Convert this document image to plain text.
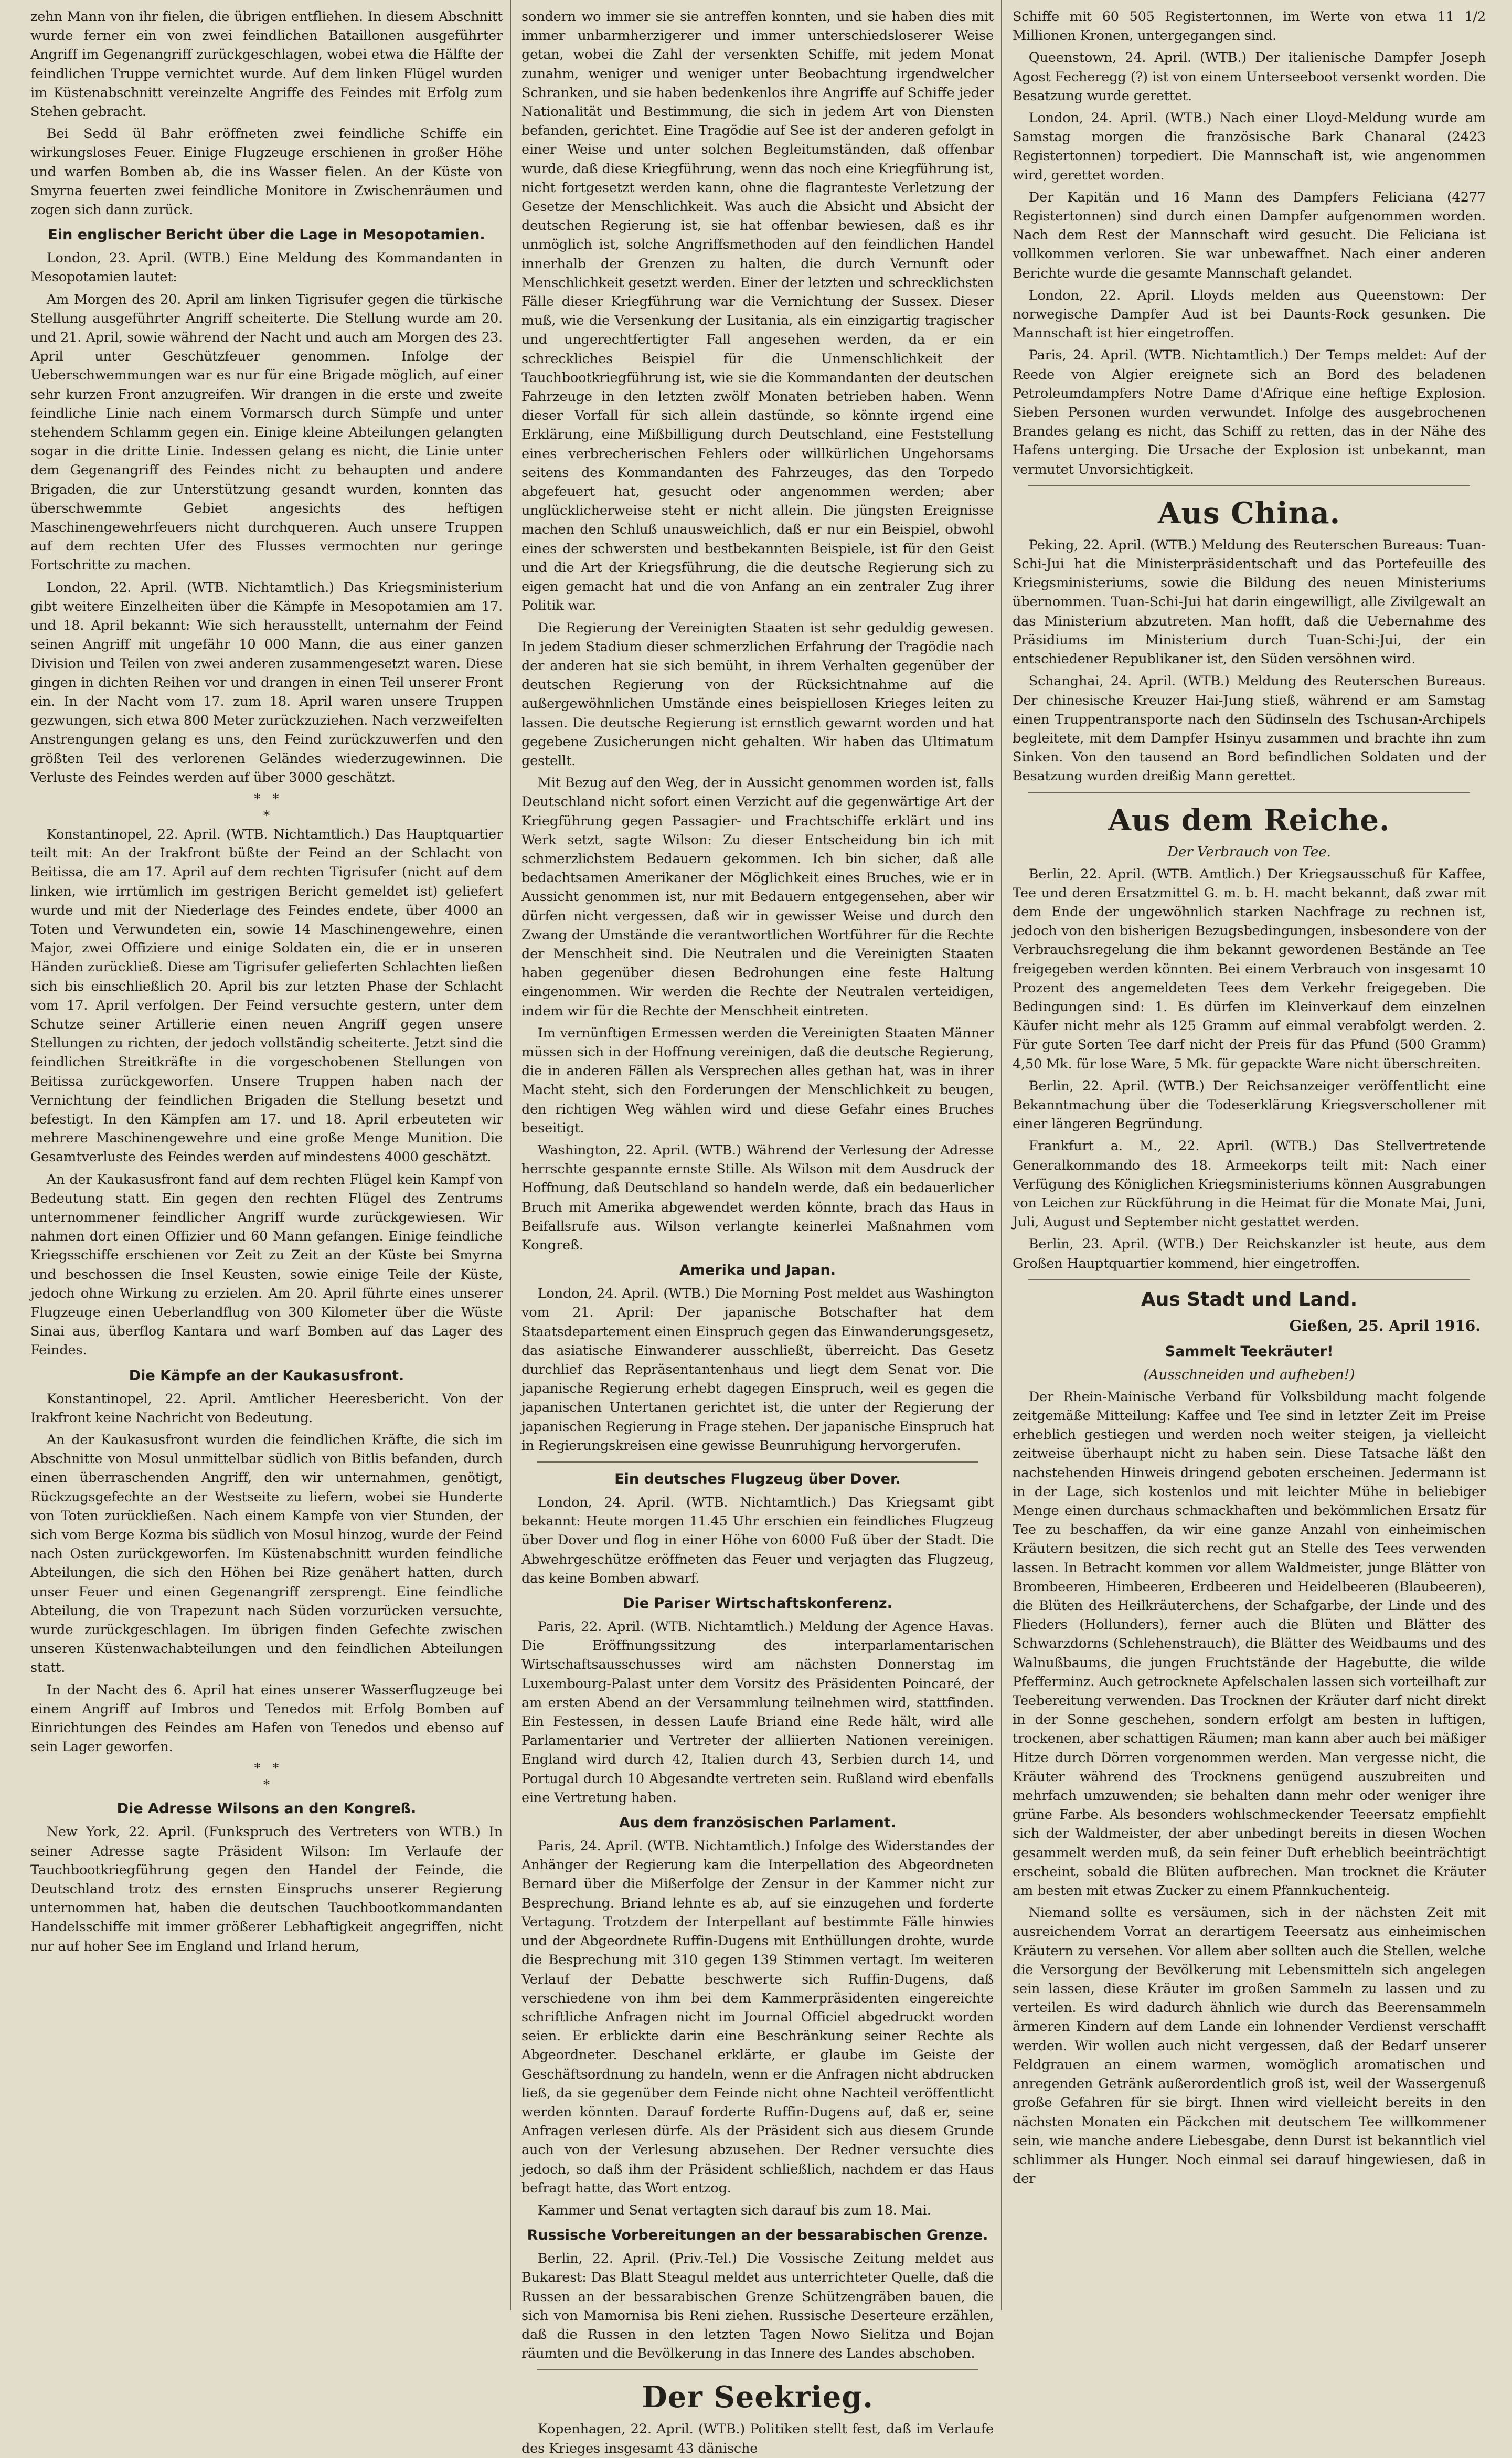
zehn Mann von ihr fielen, die übrigen entfliehen. In diesem Abschnitt wurde ferner ein von zwei feindlichen Bataillonen ausgeführter Angriff im Gegenangriff zurückgeschlagen, wobei etwa die Hälfte der feindlichen Truppe vernichtet wurde. Auf dem linken Flügel wurden im Küstenabschnitt vereinzelte Angriffe des Feindes mit Erfolg zum Stehen gebracht.

Bei Sedd ül Bahr eröffneten zwei feindliche Schiffe ein wirkungsloses Feuer. Einige Flugzeuge erschienen in großer Höhe und warfen Bomben ab, die ins Wasser fielen. An der Küste von Smyrna feuerten zwei feindliche Monitore in Zwischenräumen und zogen sich dann zurück.

Ein englischer Bericht über die Lage in Mesopotamien.

London, 23. April. (WTB.) Eine Meldung des Kommandanten in Mesopotamien lautet:

Am Morgen des 20. April am linken Tigrisufer gegen die türkische Stellung ausgeführter Angriff scheiterte. Die Stellung wurde am 20. und 21. April, sowie während der Nacht und auch am Morgen des 23. April unter Geschützfeuer genommen. Infolge der Ueberschwemmungen war es nur für eine Brigade möglich, auf einer sehr kurzen Front anzugreifen. Wir drangen in die erste und zweite feindliche Linie nach einem Vormarsch durch Sümpfe und unter stehendem Schlamm gegen ein. Einige kleine Abteilungen gelangten sogar in die dritte Linie. Indessen gelang es nicht, die Linie unter dem Gegenangriff des Feindes nicht zu behaupten und andere Brigaden, die zur Unterstützung gesandt wurden, konnten das überschwemmte Gebiet angesichts des heftigen Maschinengewehrfeuers nicht durchqueren. Auch unsere Truppen auf dem rechten Ufer des Flusses vermochten nur geringe Fortschritte zu machen.

London, 22. April. (WTB. Nichtamtlich.) Das Kriegsministerium gibt weitere Einzelheiten über die Kämpfe in Mesopotamien am 17. und 18. April bekannt: Wie sich herausstellt, unternahm der Feind seinen Angriff mit ungefähr 10 000 Mann, die aus einer ganzen Division und Teilen von zwei anderen zusammengesetzt waren. Diese gingen in dichten Reihen vor und drangen in einen Teil unserer Front ein. In der Nacht vom 17. zum 18. April waren unsere Truppen gezwungen, sich etwa 800 Meter zurückzuziehen. Nach verzweifelten Anstrengungen gelang es uns, den Feind zurückzuwerfen und den größten Teil des verlorenen Geländes wiederzugewinnen. Die Verluste des Feindes werden auf über 3000 geschätzt.

*   *
*

Konstantinopel, 22. April. (WTB. Nichtamtlich.) Das Hauptquartier teilt mit: An der Irakfront büßte der Feind an der Schlacht von Beitissa, die am 17. April auf dem rechten Tigrisufer (nicht auf dem linken, wie irrtümlich im gestrigen Bericht gemeldet ist) geliefert wurde und mit der Niederlage des Feindes endete, über 4000 an Toten und Verwundeten ein, sowie 14 Maschinengewehre, einen Major, zwei Offiziere und einige Soldaten ein, die er in unseren Händen zurückließ. Diese am Tigrisufer gelieferten Schlachten ließen sich bis einschließlich 20. April bis zur letzten Phase der Schlacht vom 17. April verfolgen. Der Feind versuchte gestern, unter dem Schutze seiner Artillerie einen neuen Angriff gegen unsere Stellungen zu richten, der jedoch vollständig scheiterte. Jetzt sind die feindlichen Streitkräfte in die vorgeschobenen Stellungen von Beitissa zurückgeworfen. Unsere Truppen haben nach der Vernichtung der feindlichen Brigaden die Stellung besetzt und befestigt. In den Kämpfen am 17. und 18. April erbeuteten wir mehrere Maschinengewehre und eine große Menge Munition. Die Gesamtverluste des Feindes werden auf mindestens 4000 geschätzt.

An der Kaukasusfront fand auf dem rechten Flügel kein Kampf von Bedeutung statt. Ein gegen den rechten Flügel des Zentrums unternommener feindlicher Angriff wurde zurückgewiesen. Wir nahmen dort einen Offizier und 60 Mann gefangen. Einige feindliche Kriegsschiffe erschienen vor Zeit zu Zeit an der Küste bei Smyrna und beschossen die Insel Keusten, sowie einige Teile der Küste, jedoch ohne Wirkung zu erzielen. Am 20. April führte eines unserer Flugzeuge einen Ueberlandflug von 300 Kilometer über die Wüste Sinai aus, überflog Kantara und warf Bomben auf das Lager des Feindes.

Die Kämpfe an der Kaukasusfront.

Konstantinopel, 22. April. Amtlicher Heeresbericht. Von der Irakfront keine Nachricht von Bedeutung.

An der Kaukasusfront wurden die feindlichen Kräfte, die sich im Abschnitte von Mosul unmittelbar südlich von Bitlis befanden, durch einen überraschenden Angriff, den wir unternahmen, genötigt, Rückzugsgefechte an der Westseite zu liefern, wobei sie Hunderte von Toten zurückließen. Nach einem Kampfe von vier Stunden, der sich vom Berge Kozma bis südlich von Mosul hinzog, wurde der Feind nach Osten zurückgeworfen. Im Küstenabschnitt wurden feindliche Abteilungen, die sich den Höhen bei Rize genähert hatten, durch unser Feuer und einen Gegenangriff zersprengt. Eine feindliche Abteilung, die von Trapezunt nach Süden vorzurücken versuchte, wurde zurückgeschlagen. Im übrigen finden Gefechte zwischen unseren Küstenwachabteilungen und den feindlichen Abteilungen statt.

In der Nacht des 6. April hat eines unserer Wasserflugzeuge bei einem Angriff auf Imbros und Tenedos mit Erfolg Bomben auf Einrichtungen des Feindes am Hafen von Tenedos und ebenso auf sein Lager geworfen.

*   *
*
Die Adresse Wilsons an den Kongreß.

New York, 22. April. (Funkspruch des Vertreters von WTB.) In seiner Adresse sagte Präsident Wilson: Im Verlaufe der Tauchbootkriegführung gegen den Handel der Feinde, die Deutschland trotz des ernsten Einspruchs unserer Regierung unternommen hat, haben die deutschen Tauchbootkommandanten Handelsschiffe mit immer größerer Lebhaftigkeit angegriffen, nicht nur auf hoher See im England und Irland herum,

sondern wo immer sie sie antreffen konnten, und sie haben dies mit immer unbarmherzigerer und immer unterschiedsloserer Weise getan, wobei die Zahl der versenkten Schiffe, mit jedem Monat zunahm, weniger und weniger unter Beobachtung irgendwelcher Schranken, und sie haben bedenkenlos ihre Angriffe auf Schiffe jeder Nationalität und Bestimmung, die sich in jedem Art von Diensten befanden, gerichtet. Eine Tragödie auf See ist der anderen gefolgt in einer Weise und unter solchen Begleitumständen, daß offenbar wurde, daß diese Kriegführung, wenn das noch eine Kriegführung ist, nicht fortgesetzt werden kann, ohne die flagranteste Verletzung der Gesetze der Menschlichkeit. Was auch die Absicht und Absicht der deutschen Regierung ist, sie hat offenbar bewiesen, daß es ihr unmöglich ist, solche Angriffsmethoden auf den feindlichen Handel innerhalb der Grenzen zu halten, die durch Vernunft oder Menschlichkeit gesetzt werden. Einer der letzten und schrecklichsten Fälle dieser Kriegführung war die Vernichtung der Sussex. Dieser muß, wie die Versenkung der Lusitania, als ein einzigartig tragischer und ungerechtfertigter Fall angesehen werden, da er ein schreckliches Beispiel für die Unmenschlichkeit der Tauchbootkriegführung ist, wie sie die Kommandanten der deutschen Fahrzeuge in den letzten zwölf Monaten betrieben haben. Wenn dieser Vorfall für sich allein dastünde, so könnte irgend eine Erklärung, eine Mißbilligung durch Deutschland, eine Feststellung eines verbrecherischen Fehlers oder willkürlichen Ungehorsams seitens des Kommandanten des Fahrzeuges, das den Torpedo abgefeuert hat, gesucht oder angenommen werden; aber unglücklicherweise steht er nicht allein. Die jüngsten Ereignisse machen den Schluß unausweichlich, daß er nur ein Beispiel, obwohl eines der schwersten und bestbekannten Beispiele, ist für den Geist und die Art der Kriegsführung, die die deutsche Regierung sich zu eigen gemacht hat und die von Anfang an ein zentraler Zug ihrer Politik war.

Die Regierung der Vereinigten Staaten ist sehr geduldig gewesen. In jedem Stadium dieser schmerzlichen Erfahrung der Tragödie nach der anderen hat sie sich bemüht, in ihrem Verhalten gegenüber der deutschen Regierung von der Rücksichtnahme auf die außergewöhnlichen Umstände eines beispiellosen Krieges leiten zu lassen. Die deutsche Regierung ist ernstlich gewarnt worden und hat gegebene Zusicherungen nicht gehalten. Wir haben das Ultimatum gestellt.

Mit Bezug auf den Weg, der in Aussicht genommen worden ist, falls Deutschland nicht sofort einen Verzicht auf die gegenwärtige Art der Kriegführung gegen Passagier- und Frachtschiffe erklärt und ins Werk setzt, sagte Wilson: Zu dieser Entscheidung bin ich mit schmerzlichstem Bedauern gekommen. Ich bin sicher, daß alle bedachtsamen Amerikaner der Möglichkeit eines Bruches, wie er in Aussicht genommen ist, nur mit Bedauern entgegensehen, aber wir dürfen nicht vergessen, daß wir in gewisser Weise und durch den Zwang der Umstände die verantwortlichen Wortführer für die Rechte der Menschheit sind. Die Neutralen und die Vereinigten Staaten haben gegenüber diesen Bedrohungen eine feste Haltung eingenommen. Wir werden die Rechte der Neutralen verteidigen, indem wir für die Rechte der Menschheit eintreten.

Im vernünftigen Ermessen werden die Vereinigten Staaten Männer müssen sich in der Hoffnung vereinigen, daß die deutsche Regierung, die in anderen Fällen als Versprechen alles gethan hat, was in ihrer Macht steht, sich den Forderungen der Menschlichkeit zu beugen, den richtigen Weg wählen wird und diese Gefahr eines Bruches beseitigt.

Washington, 22. April. (WTB.) Während der Verlesung der Adresse herrschte gespannte ernste Stille. Als Wilson mit dem Ausdruck der Hoffnung, daß Deutschland so handeln werde, daß ein bedauerlicher Bruch mit Amerika abgewendet werden könnte, brach das Haus in Beifallsrufe aus. Wilson verlangte keinerlei Maßnahmen vom Kongreß.

Amerika und Japan.

London, 24. April. (WTB.) Die Morning Post meldet aus Washington vom 21. April: Der japanische Botschafter hat dem Staatsdepartement einen Einspruch gegen das Einwanderungsgesetz, das asiatische Einwanderer ausschließt, überreicht. Das Gesetz durchlief das Repräsentantenhaus und liegt dem Senat vor. Die japanische Regierung erhebt dagegen Einspruch, weil es gegen die japanischen Untertanen gerichtet ist, die unter der Regierung der japanischen Regierung in Frage stehen. Der japanische Einspruch hat in Regierungskreisen eine gewisse Beunruhigung hervorgerufen.

Ein deutsches Flugzeug über Dover.

London, 24. April. (WTB. Nichtamtlich.) Das Kriegsamt gibt bekannt: Heute morgen 11.45 Uhr erschien ein feindliches Flugzeug über Dover und flog in einer Höhe von 6000 Fuß über der Stadt. Die Abwehrgeschütze eröffneten das Feuer und verjagten das Flugzeug, das keine Bomben abwarf.

Die Pariser Wirtschaftskonferenz.

Paris, 22. April. (WTB. Nichtamtlich.) Meldung der Agence Havas. Die Eröffnungssitzung des interparlamentarischen Wirtschaftsausschusses wird am nächsten Donnerstag im Luxembourg-Palast unter dem Vorsitz des Präsidenten Poincaré, der am ersten Abend an der Versammlung teilnehmen wird, stattfinden. Ein Festessen, in dessen Laufe Briand eine Rede hält, wird alle Parlamentarier und Vertreter der alliierten Nationen vereinigen. England wird durch 42, Italien durch 43, Serbien durch 14, und Portugal durch 10 Abgesandte vertreten sein. Rußland wird ebenfalls eine Vertretung haben.

Aus dem französischen Parlament.

Paris, 24. April. (WTB. Nichtamtlich.) Infolge des Widerstandes der Anhänger der Regierung kam die Interpellation des Abgeordneten Bernard über die Mißerfolge der Zensur in der Kammer nicht zur Besprechung. Briand lehnte es ab, auf sie einzugehen und forderte Vertagung. Trotzdem der Interpellant auf bestimmte Fälle hinwies und der Abgeordnete Ruffin-Dugens mit Enthüllungen drohte, wurde die Besprechung mit 310 gegen 139 Stimmen vertagt. Im weiteren Verlauf der Debatte beschwerte sich Ruffin-Dugens, daß verschiedene von ihm bei dem Kammerpräsidenten eingereichte schriftliche Anfragen nicht im Journal Officiel abgedruckt worden seien. Er erblickte darin eine Beschränkung seiner Rechte als Abgeordneter. Deschanel erklärte, er glaube im Geiste der Geschäftsordnung zu handeln, wenn er die Anfragen nicht abdrucken ließ, da sie gegenüber dem Feinde nicht ohne Nachteil veröffentlicht werden könnten. Darauf forderte Ruffin-Dugens auf, daß er, seine Anfragen verlesen dürfe. Als der Präsident sich aus diesem Grunde auch von der Verlesung abzusehen. Der Redner versuchte dies jedoch, so daß ihm der Präsident schließlich, nachdem er das Haus befragt hatte, das Wort entzog.

Kammer und Senat vertagten sich darauf bis zum 18. Mai.

Russische Vorbereitungen an der bessarabischen Grenze.

Berlin, 22. April. (Priv.-Tel.) Die Vossische Zeitung meldet aus Bukarest: Das Blatt Steagul meldet aus unterrichteter Quelle, daß die Russen an der bessarabischen Grenze Schützengräben bauen, die sich von Mamornisa bis Reni ziehen. Russische Deserteure erzählen, daß die Russen in den letzten Tagen Nowo Sielitza und Bojan räumten und die Bevölkerung in das Innere des Landes abschoben.

Der Seekrieg.

Kopenhagen, 22. April. (WTB.) Politiken stellt fest, daß im Verlaufe des Krieges insgesamt 43 dänische

Schiffe mit 60 505 Registertonnen, im Werte von etwa 11 1/2 Millionen Kronen, untergegangen sind.

Queenstown, 24. April. (WTB.) Der italienische Dampfer Joseph Agost Fecheregg (?) ist von einem Unterseeboot versenkt worden. Die Besatzung wurde gerettet.

London, 24. April. (WTB.) Nach einer Lloyd-Meldung wurde am Samstag morgen die französische Bark Chanaral (2423 Registertonnen) torpediert. Die Mannschaft ist, wie angenommen wird, gerettet worden.

Der Kapitän und 16 Mann des Dampfers Feliciana (4277 Registertonnen) sind durch einen Dampfer aufgenommen worden. Nach dem Rest der Mannschaft wird gesucht. Die Feliciana ist vollkommen verloren. Sie war unbewaffnet. Nach einer anderen Berichte wurde die gesamte Mannschaft gelandet.

London, 22. April. Lloyds melden aus Queenstown: Der norwegische Dampfer Aud ist bei Daunts-Rock gesunken. Die Mannschaft ist hier eingetroffen.

Paris, 24. April. (WTB. Nichtamtlich.) Der Temps meldet: Auf der Reede von Algier ereignete sich an Bord des beladenen Petroleumdampfers Notre Dame d'Afrique eine heftige Explosion. Sieben Personen wurden verwundet. Infolge des ausgebrochenen Brandes gelang es nicht, das Schiff zu retten, das in der Nähe des Hafens unterging. Die Ursache der Explosion ist unbekannt, man vermutet Unvorsichtigkeit.

Aus China.

Peking, 22. April. (WTB.) Meldung des Reuterschen Bureaus: Tuan-Schi-Jui hat die Ministerpräsidentschaft und das Portefeuille des Kriegsministeriums, sowie die Bildung des neuen Ministeriums übernommen. Tuan-Schi-Jui hat darin eingewilligt, alle Zivilgewalt an das Ministerium abzutreten. Man hofft, daß die Uebernahme des Präsidiums im Ministerium durch Tuan-Schi-Jui, der ein entschiedener Republikaner ist, den Süden versöhnen wird.

Schanghai, 24. April. (WTB.) Meldung des Reuterschen Bureaus. Der chinesische Kreuzer Hai-Jung stieß, während er am Samstag einen Truppentransporte nach den Südinseln des Tschusan-Archipels begleitete, mit dem Dampfer Hsinyu zusammen und brachte ihn zum Sinken. Von den tausend an Bord befindlichen Soldaten und der Besatzung wurden dreißig Mann gerettet.

Aus dem Reiche.
Der Verbrauch von Tee.

Berlin, 22. April. (WTB. Amtlich.) Der Kriegsausschuß für Kaffee, Tee und deren Ersatzmittel G. m. b. H. macht bekannt, daß zwar mit dem Ende der ungewöhnlich starken Nachfrage zu rechnen ist, jedoch von den bisherigen Bezugsbedingungen, insbesondere von der Verbrauchsregelung die ihm bekannt gewordenen Bestände an Tee freigegeben werden könnten. Bei einem Verbrauch von insgesamt 10 Prozent des angemeldeten Tees dem Verkehr freigegeben. Die Bedingungen sind: 1. Es dürfen im Kleinverkauf dem einzelnen Käufer nicht mehr als 125 Gramm auf einmal verabfolgt werden. 2. Für gute Sorten Tee darf nicht der Preis für das Pfund (500 Gramm) 4,50 Mk. für lose Ware, 5 Mk. für gepackte Ware nicht überschreiten.

Berlin, 22. April. (WTB.) Der Reichsanzeiger veröffentlicht eine Bekanntmachung über die Todeserklärung Kriegsverschollener mit einer längeren Begründung.

Frankfurt a. M., 22. April. (WTB.) Das Stellvertretende Generalkommando des 18. Armeekorps teilt mit: Nach einer Verfügung des Königlichen Kriegsministeriums können Ausgrabungen von Leichen zur Rückführung in die Heimat für die Monate Mai, Juni, Juli, August und September nicht gestattet werden.

Berlin, 23. April. (WTB.) Der Reichskanzler ist heute, aus dem Großen Hauptquartier kommend, hier eingetroffen.

Aus Stadt und Land.
Gießen, 25. April 1916.
Sammelt Teekräuter!
(Ausschneiden und aufheben!)

Der Rhein-Mainische Verband für Volksbildung macht folgende zeitgemäße Mitteilung: Kaffee und Tee sind in letzter Zeit im Preise erheblich gestiegen und werden noch weiter steigen, ja vielleicht zeitweise überhaupt nicht zu haben sein. Diese Tatsache läßt den nachstehenden Hinweis dringend geboten erscheinen. Jedermann ist in der Lage, sich kostenlos und mit leichter Mühe in beliebiger Menge einen durchaus schmackhaften und bekömmlichen Ersatz für Tee zu beschaffen, da wir eine ganze Anzahl von einheimischen Kräutern besitzen, die sich recht gut an Stelle des Tees verwenden lassen. In Betracht kommen vor allem Waldmeister, junge Blätter von Brombeeren, Himbeeren, Erdbeeren und Heidelbeeren (Blaubeeren), die Blüten des Heilkräuterchens, der Schafgarbe, der Linde und des Flieders (Hollunders), ferner auch die Blüten und Blätter des Schwarzdorns (Schlehenstrauch), die Blätter des Weidbaums und des Walnußbaums, die jungen Fruchtstände der Hagebutte, die wilde Pfefferminz. Auch getrocknete Apfelschalen lassen sich vorteilhaft zur Teebereitung verwenden. Das Trocknen der Kräuter darf nicht direkt in der Sonne geschehen, sondern erfolgt am besten in luftigen, trockenen, aber schattigen Räumen; man kann aber auch bei mäßiger Hitze durch Dörren vorgenommen werden. Man vergesse nicht, die Kräuter während des Trocknens genügend auszubreiten und mehrfach umzuwenden; sie behalten dann mehr oder weniger ihre grüne Farbe. Als besonders wohlschmeckender Teeersatz empfiehlt sich der Waldmeister, der aber unbedingt bereits in diesen Wochen gesammelt werden muß, da sein feiner Duft erheblich beeinträchtigt erscheint, sobald die Blüten aufbrechen. Man trocknet die Kräuter am besten mit etwas Zucker zu einem Pfannkuchenteig.

Niemand sollte es versäumen, sich in der nächsten Zeit mit ausreichendem Vorrat an derartigem Teeersatz aus einheimischen Kräutern zu versehen. Vor allem aber sollten auch die Stellen, welche die Versorgung der Bevölkerung mit Lebensmitteln sich angelegen sein lassen, diese Kräuter im großen Sammeln zu lassen und zu verteilen. Es wird dadurch ähnlich wie durch das Beerensammeln ärmeren Kindern auf dem Lande ein lohnender Verdienst verschafft werden. Wir wollen auch nicht vergessen, daß der Bedarf unserer Feldgrauen an einem warmen, womöglich aromatischen und anregenden Getränk außerordentlich groß ist, weil der Wassergenuß große Gefahren für sie birgt. Ihnen wird vielleicht bereits in den nächsten Monaten ein Päckchen mit deutschem Tee willkommener sein, wie manche andere Liebesgabe, denn Durst ist bekanntlich viel schlimmer als Hunger. Noch einmal sei darauf hingewiesen, daß in der
